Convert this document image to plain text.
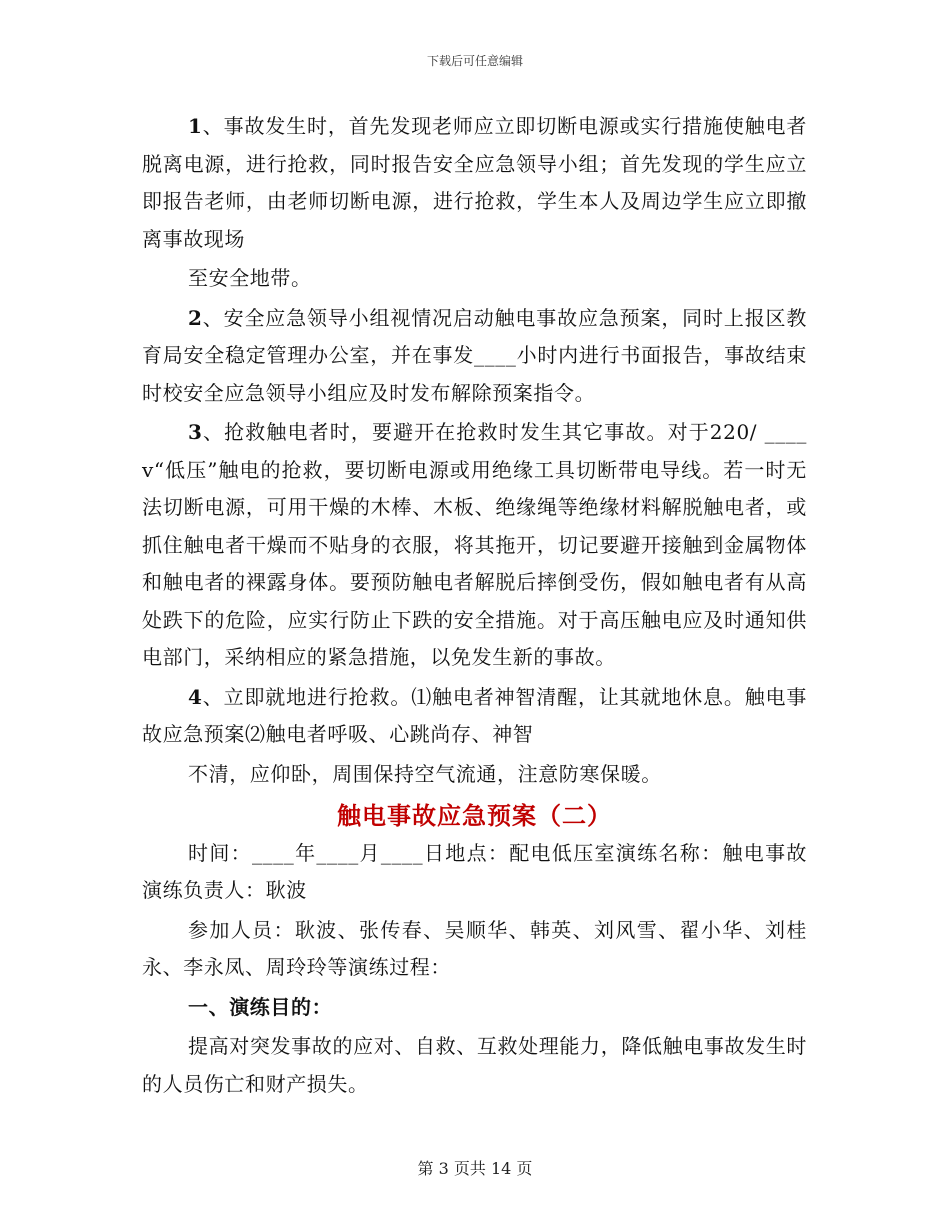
下载后可任意编辑

1、事故发生时，首先发现老师应立即切断电源或实行措施使触电者脱离电源，进行抢救，同时报告安全应急领导小组；首先发现的学生应立即报告老师，由老师切断电源，进行抢救，学生本人及周边学生应立即撤离事故现场

至安全地带。

2、安全应急领导小组视情况启动触电事故应急预案，同时上报区教育局安全稳定管理办公室，并在事发____小时内进行书面报告，事故结束时校安全应急领导小组应及时发布解除预案指令。

3、抢救触电者时，要避开在抢救时发生其它事故。对于220/ ____v“低压”触电的抢救，要切断电源或用绝缘工具切断带电导线。若一时无法切断电源，可用干燥的木棒、木板、绝缘绳等绝缘材料解脱触电者，或抓住触电者干燥而不贴身的衣服，将其拖开，切记要避开接触到金属物体和触电者的裸露身体。要预防触电者解脱后摔倒受伤，假如触电者有从高处跌下的危险，应实行防止下跌的安全措施。对于高压触电应及时通知供电部门，采纳相应的紧急措施，以免发生新的事故。

4、立即就地进行抢救。⑴触电者神智清醒，让其就地休息。触电事故应急预案⑵触电者呼吸、心跳尚存、神智

不清，应仰卧，周围保持空气流通，注意防寒保暖。

触电事故应急预案（二）

时间：____年____月____日地点：配电低压室演练名称：触电事故演练负责人：耿波

参加人员：耿波、张传春、吴顺华、韩英、刘风雪、翟小华、刘桂永、李永凤、周玲玲等演练过程：

一、演练目的：

提高对突发事故的应对、自救、互救处理能力，降低触电事故发生时的人员伤亡和财产损失。

第 3 页共 14 页
